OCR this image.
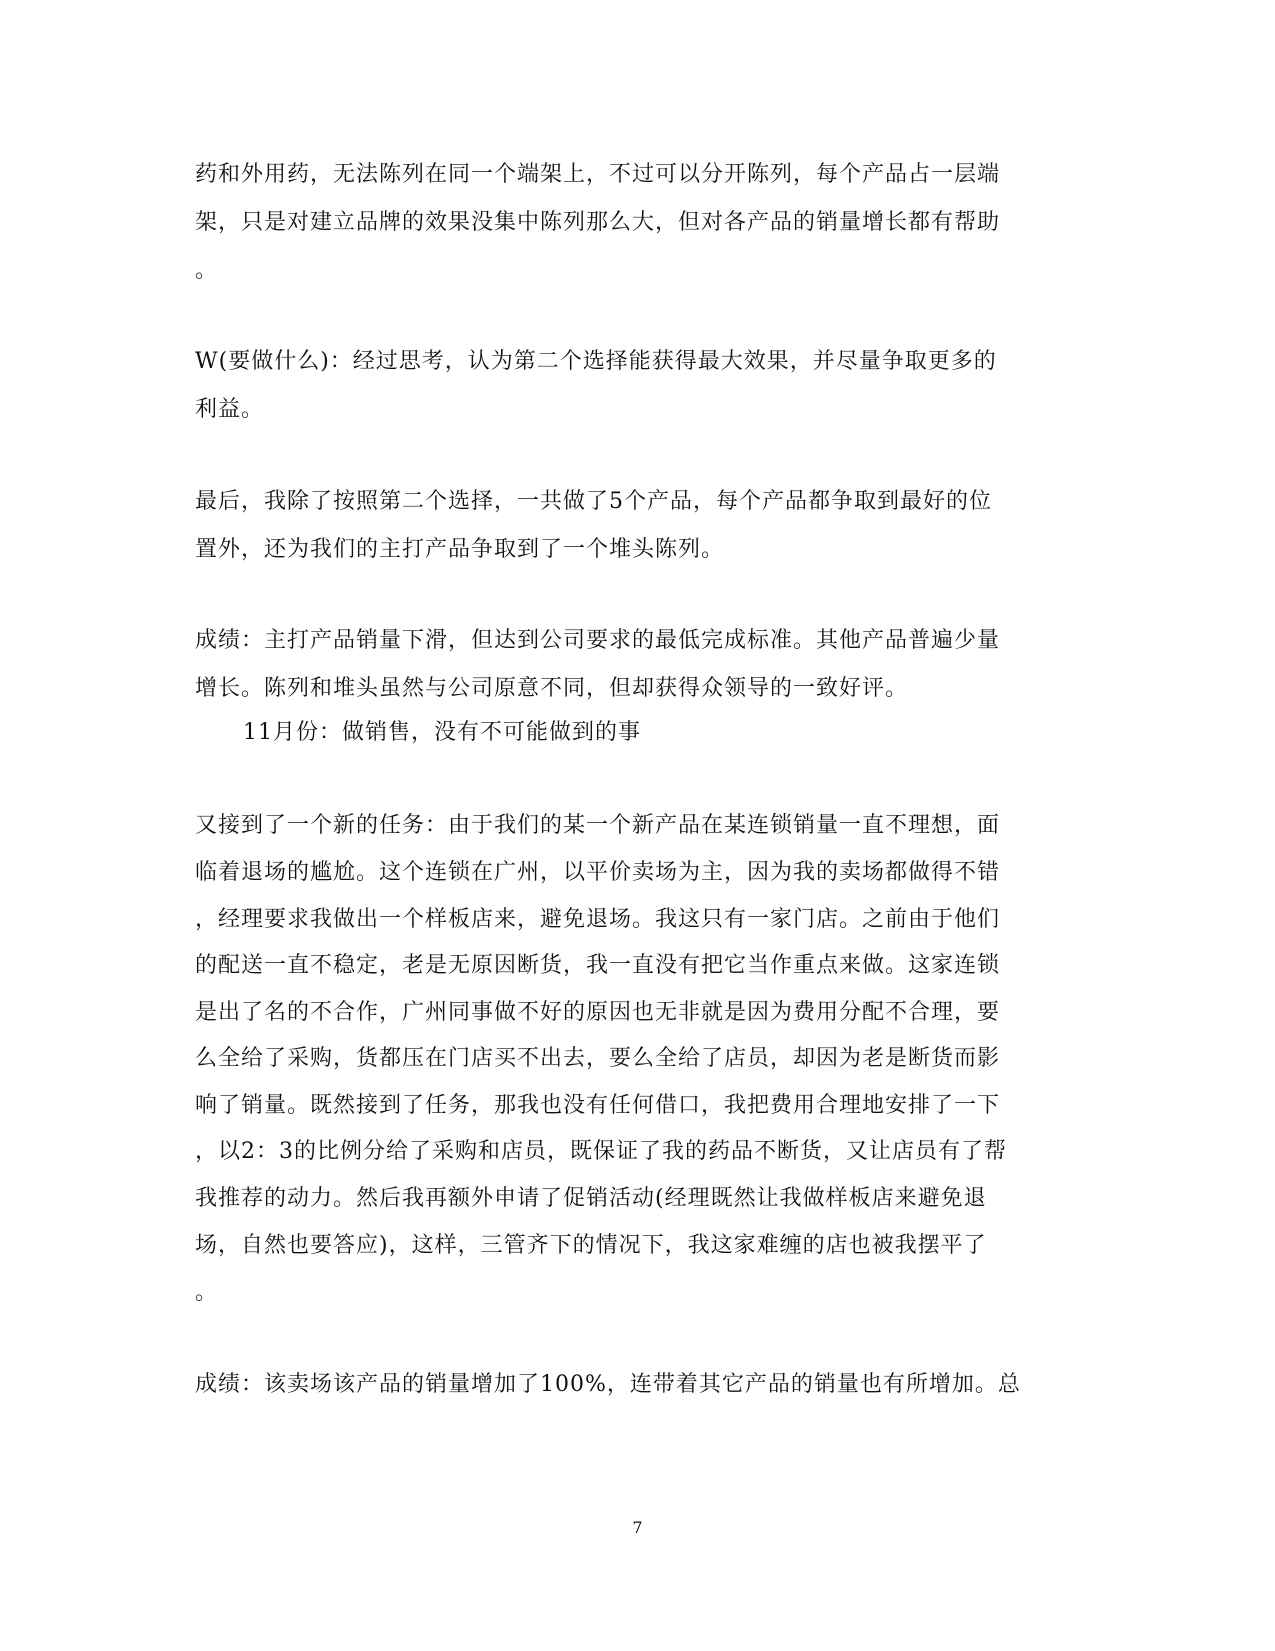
药和外用药，无法陈列在同一个端架上，不过可以分开陈列，每个产品占一层端
架，只是对建立品牌的效果没集中陈列那么大，但对各产品的销量增长都有帮助
。
W(要做什么)：经过思考，认为第二个选择能获得最大效果，并尽量争取更多的
利益。
最后，我除了按照第二个选择，一共做了5个产品，每个产品都争取到最好的位
置外，还为我们的主打产品争取到了一个堆头陈列。
成绩：主打产品销量下滑，但达到公司要求的最低完成标准。其他产品普遍少量
增长。陈列和堆头虽然与公司原意不同，但却获得众领导的一致好评。
11月份：做销售，没有不可能做到的事
又接到了一个新的任务：由于我们的某一个新产品在某连锁销量一直不理想，面
临着退场的尴尬。这个连锁在广州，以平价卖场为主，因为我的卖场都做得不错
，经理要求我做出一个样板店来，避免退场。我这只有一家门店。之前由于他们
的配送一直不稳定，老是无原因断货，我一直没有把它当作重点来做。这家连锁
是出了名的不合作，广州同事做不好的原因也无非就是因为费用分配不合理，要
么全给了采购，货都压在门店买不出去，要么全给了店员，却因为老是断货而影
响了销量。既然接到了任务，那我也没有任何借口，我把费用合理地安排了一下
，以2：3的比例分给了采购和店员，既保证了我的药品不断货，又让店员有了帮
我推荐的动力。然后我再额外申请了促销活动(经理既然让我做样板店来避免退
场，自然也要答应)，这样，三管齐下的情况下，我这家难缠的店也被我摆平了
。
成绩：该卖场该产品的销量增加了100%，连带着其它产品的销量也有所增加。总
7
